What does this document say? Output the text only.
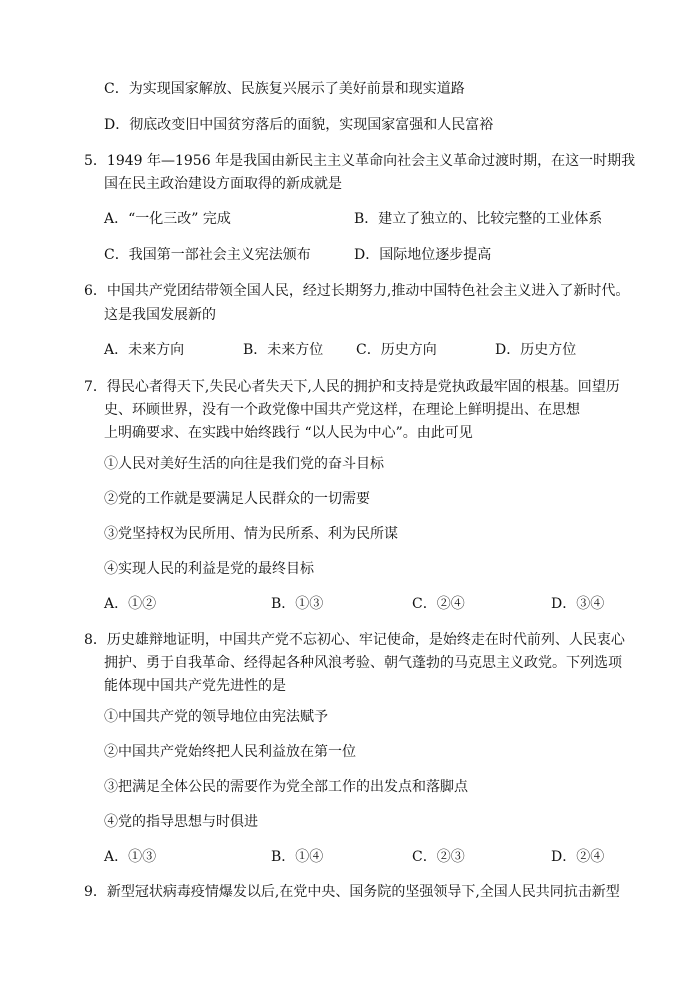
C．为实现国家解放、民族复兴展示了美好前景和现实道路
D．彻底改变旧中国贫穷落后的面貌，实现国家富强和人民富裕
5．1949 年—1956 年是我国由新民主主义革命向社会主义革命过渡时期，在这一时期我
国在民主政治建设方面取得的新成就是
A．“一化三改” 完成	B．建立了独立的、比较完整的工业体系
C．我国第一部社会主义宪法颁布	D．国际地位逐步提高
6．中国共产党团结带领全国人民，经过长期努力,推动中国特色社会主义进入了新时代。
这是我国发展新的
A．未来方向	B．未来方位 C．历史方向	D．历史方位
7．得民心者得天下,失民心者失天下,人民的拥护和支持是党执政最牢固的根基。回望历
史、环顾世界，没有一个政党像中国共产党这样，在理论上鲜明提出、在思想
上明确要求、在实践中始终践行 “以人民为中心”。由此可见
①人民对美好生活的向往是我们党的奋斗目标
②党的工作就是要满足人民群众的一切需要
③党坚持权为民所用、情为民所系、利为民所谋
④实现人民的利益是党的最终目标
A．①②	B．①③	C．②④	D．③④
8．历史雄辩地证明，中国共产党不忘初心、牢记使命，是始终走在时代前列、人民衷心
拥护、勇于自我革命、经得起各种风浪考验、朝气蓬勃的马克思主义政党。下列选项
能体现中国共产党先进性的是
①中国共产党的领导地位由宪法赋予
②中国共产党始终把人民利益放在第一位
③把满足全体公民的需要作为党全部工作的出发点和落脚点
④党的指导思想与时俱进
A．①③	B．①④	C．②③	D．②④
9．新型冠状病毒疫情爆发以后,在党中央、国务院的坚强领导下,全国人民共同抗击新型
